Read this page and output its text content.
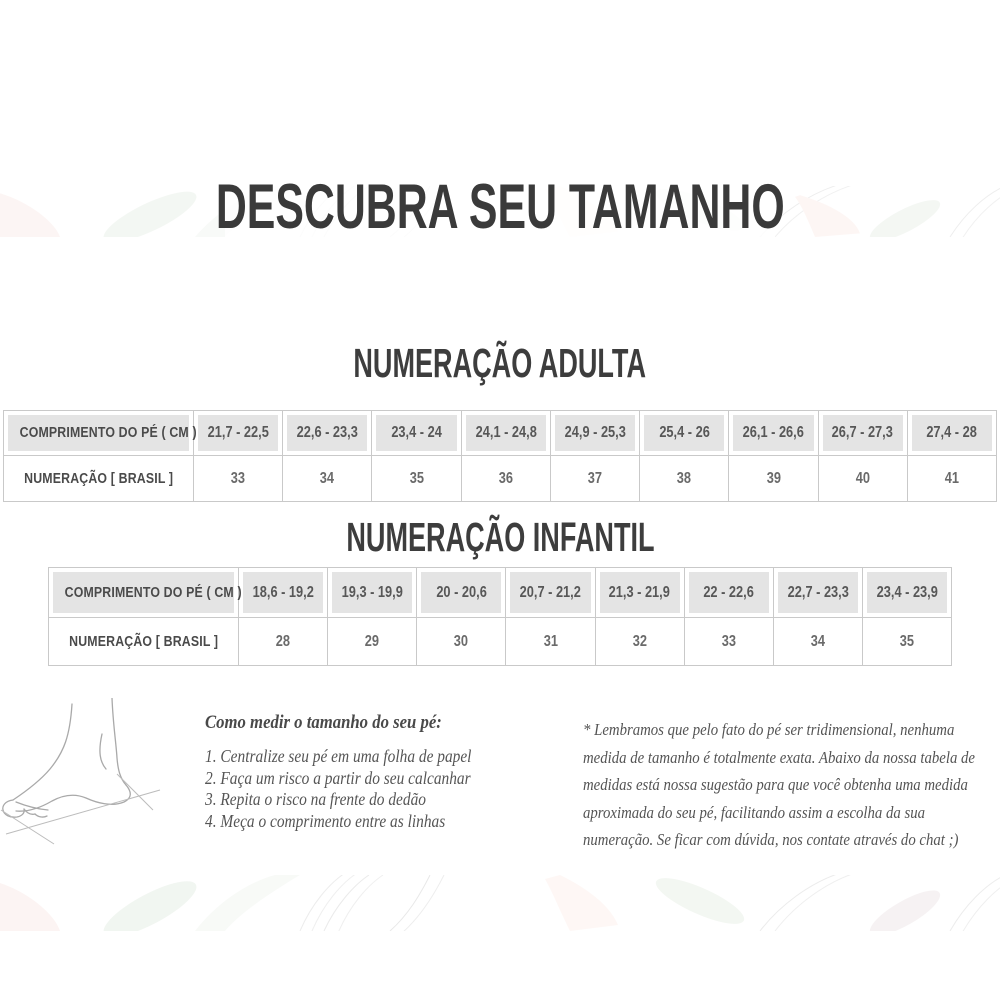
DESCUBRA SEU TAMANHO
NUMERAÇÃO ADULTA
COMPRIMENTO DO PÉ ( CM )	21,7 - 22,5	22,6 - 23,3	23,4 - 24	24,1 - 24,8	24,9 - 25,3	25,4 - 26	26,1 - 26,6	26,7 - 27,3	27,4 - 28
NUMERAÇÃO [ BRASIL ]	33	34	35	36	37	38	39	40	41
NUMERAÇÃO INFANTIL
COMPRIMENTO DO PÉ ( CM )	18,6 - 19,2	19,3 - 19,9	20 - 20,6	20,7 - 21,2	21,3 - 21,9	22 - 22,6	22,7 - 23,3	23,4 - 23,9
NUMERAÇÃO [ BRASIL ]	28	29	30	31	32	33	34	35
Como medir o tamanho do seu pé:
1. Centralize seu pé em uma folha de papel
2. Faça um risco a partir do seu calcanhar
3. Repita o risco na frente do dedão
4. Meça o comprimento entre as linhas
* Lembramos que pelo fato do pé ser tridimensional, nenhuma
medida de tamanho é totalmente exata. Abaixo da nossa tabela de
medidas está nossa sugestão para que você obtenha uma medida
aproximada do seu pé, facilitando assim a escolha da sua
numeração. Se ficar com dúvida, nos contate através do chat ;)
